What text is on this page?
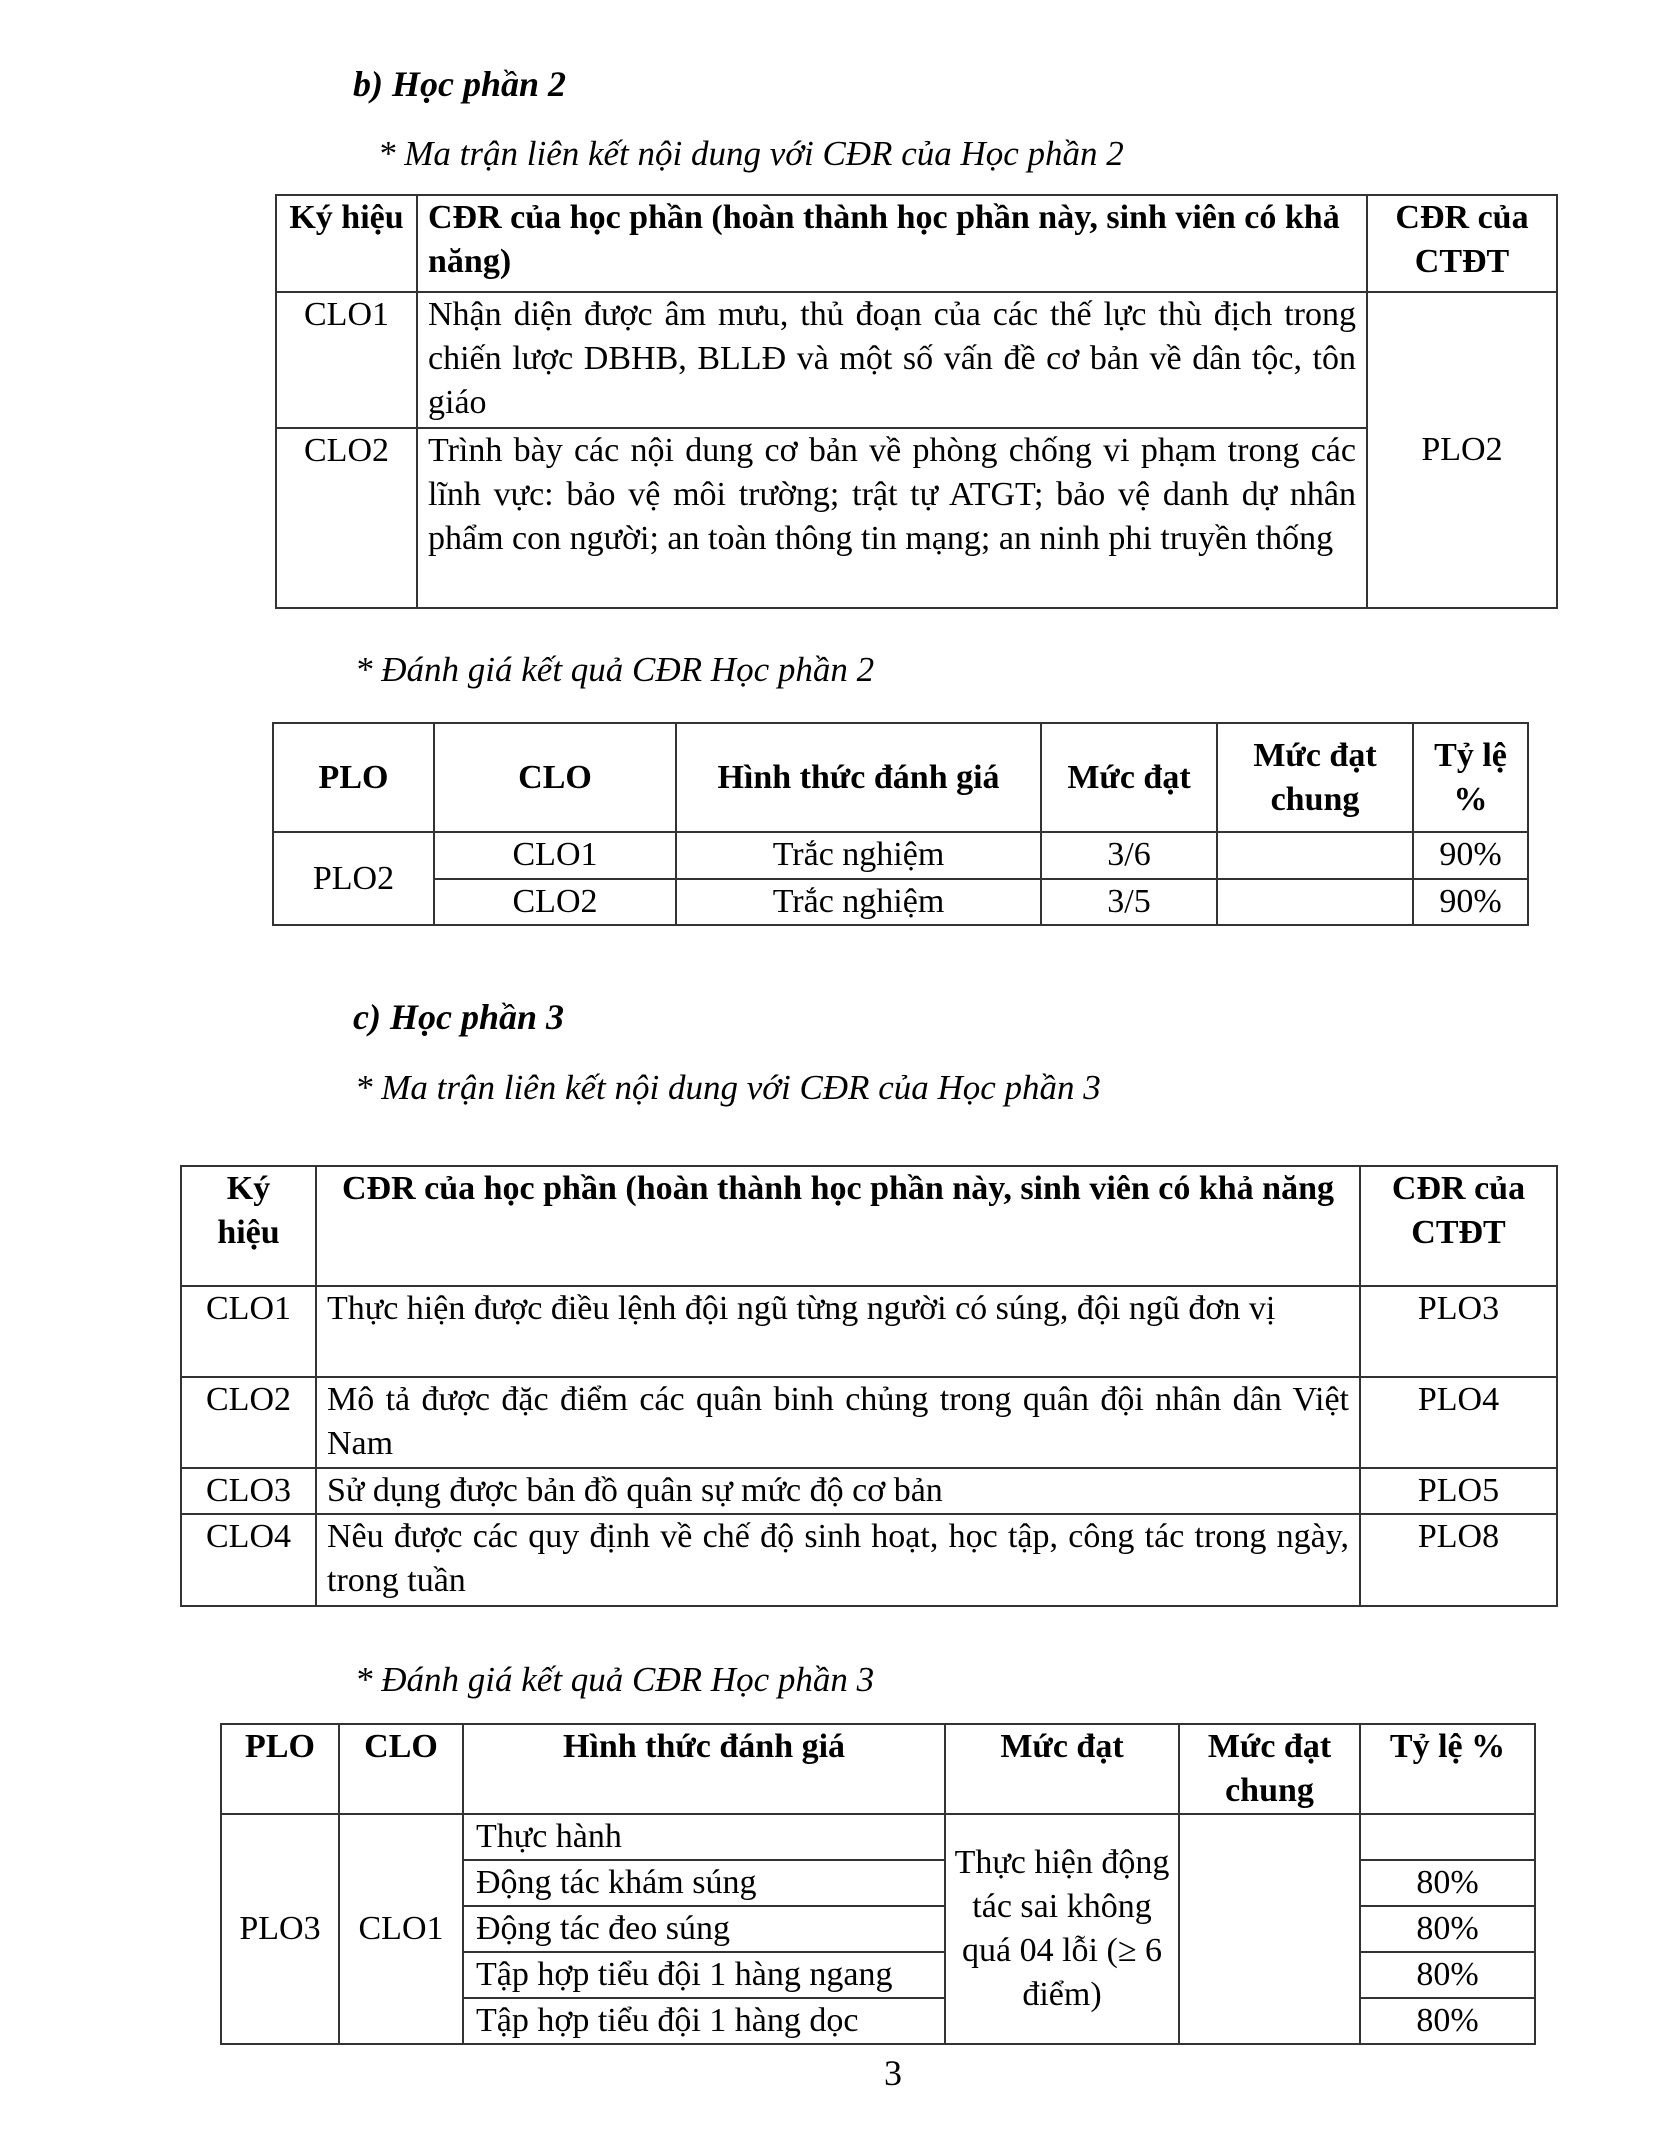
b) Học phần 2
* Ma trận liên kết nội dung với CĐR của Học phần 2
Ký hiệu	CĐR của học phần (hoàn thành học phần này, sinh viên có khả năng)	CĐR của CTĐT
CLO1	Nhận diện được âm mưu, thủ đoạn của các thế lực thù địch trong chiến lược DBHB, BLLĐ và một số vấn đề cơ bản về dân tộc, tôn giáo	PLO2
CLO2	Trình bày các nội dung cơ bản về phòng chống vi phạm trong các lĩnh vực: bảo vệ môi trường; trật tự ATGT; bảo vệ danh dự nhân phẩm con người; an toàn thông tin mạng; an ninh phi truyền thống	
* Đánh giá kết quả CĐR Học phần 2
PLO	CLO	Hình thức đánh giá	Mức đạt	Mức đạt chung	Tỷ lệ %
PLO2	CLO1	Trắc nghiệm	3/6		90%
	CLO2	Trắc nghiệm	3/5		90%
c) Học phần 3
* Ma trận liên kết nội dung với CĐR của Học phần 3
Ký hiệu	CĐR của học phần (hoàn thành học phần này, sinh viên có khả năng	CĐR của CTĐT
CLO1	Thực hiện được điều lệnh đội ngũ từng người có súng, đội ngũ đơn vị	PLO3
CLO2	Mô tả được đặc điểm các quân binh chủng trong quân đội nhân dân Việt Nam	PLO4
CLO3	Sử dụng được bản đồ quân sự mức độ cơ bản	PLO5
CLO4	Nêu được các quy định về chế độ sinh hoạt, học tập, công tác trong ngày, trong tuần	PLO8
* Đánh giá kết quả CĐR Học phần 3
PLO	CLO	Hình thức đánh giá	Mức đạt	Mức đạt chung	Tỷ lệ %
PLO3	CLO1	Thực hành	Thực hiện động tác sai không quá 04 lỗi (≥ 6 điểm)		
		Động tác khám súng			80%
		Động tác đeo súng			80%
		Tập hợp tiểu đội 1 hàng ngang			80%
		Tập hợp tiểu đội 1 hàng dọc			80%
3
